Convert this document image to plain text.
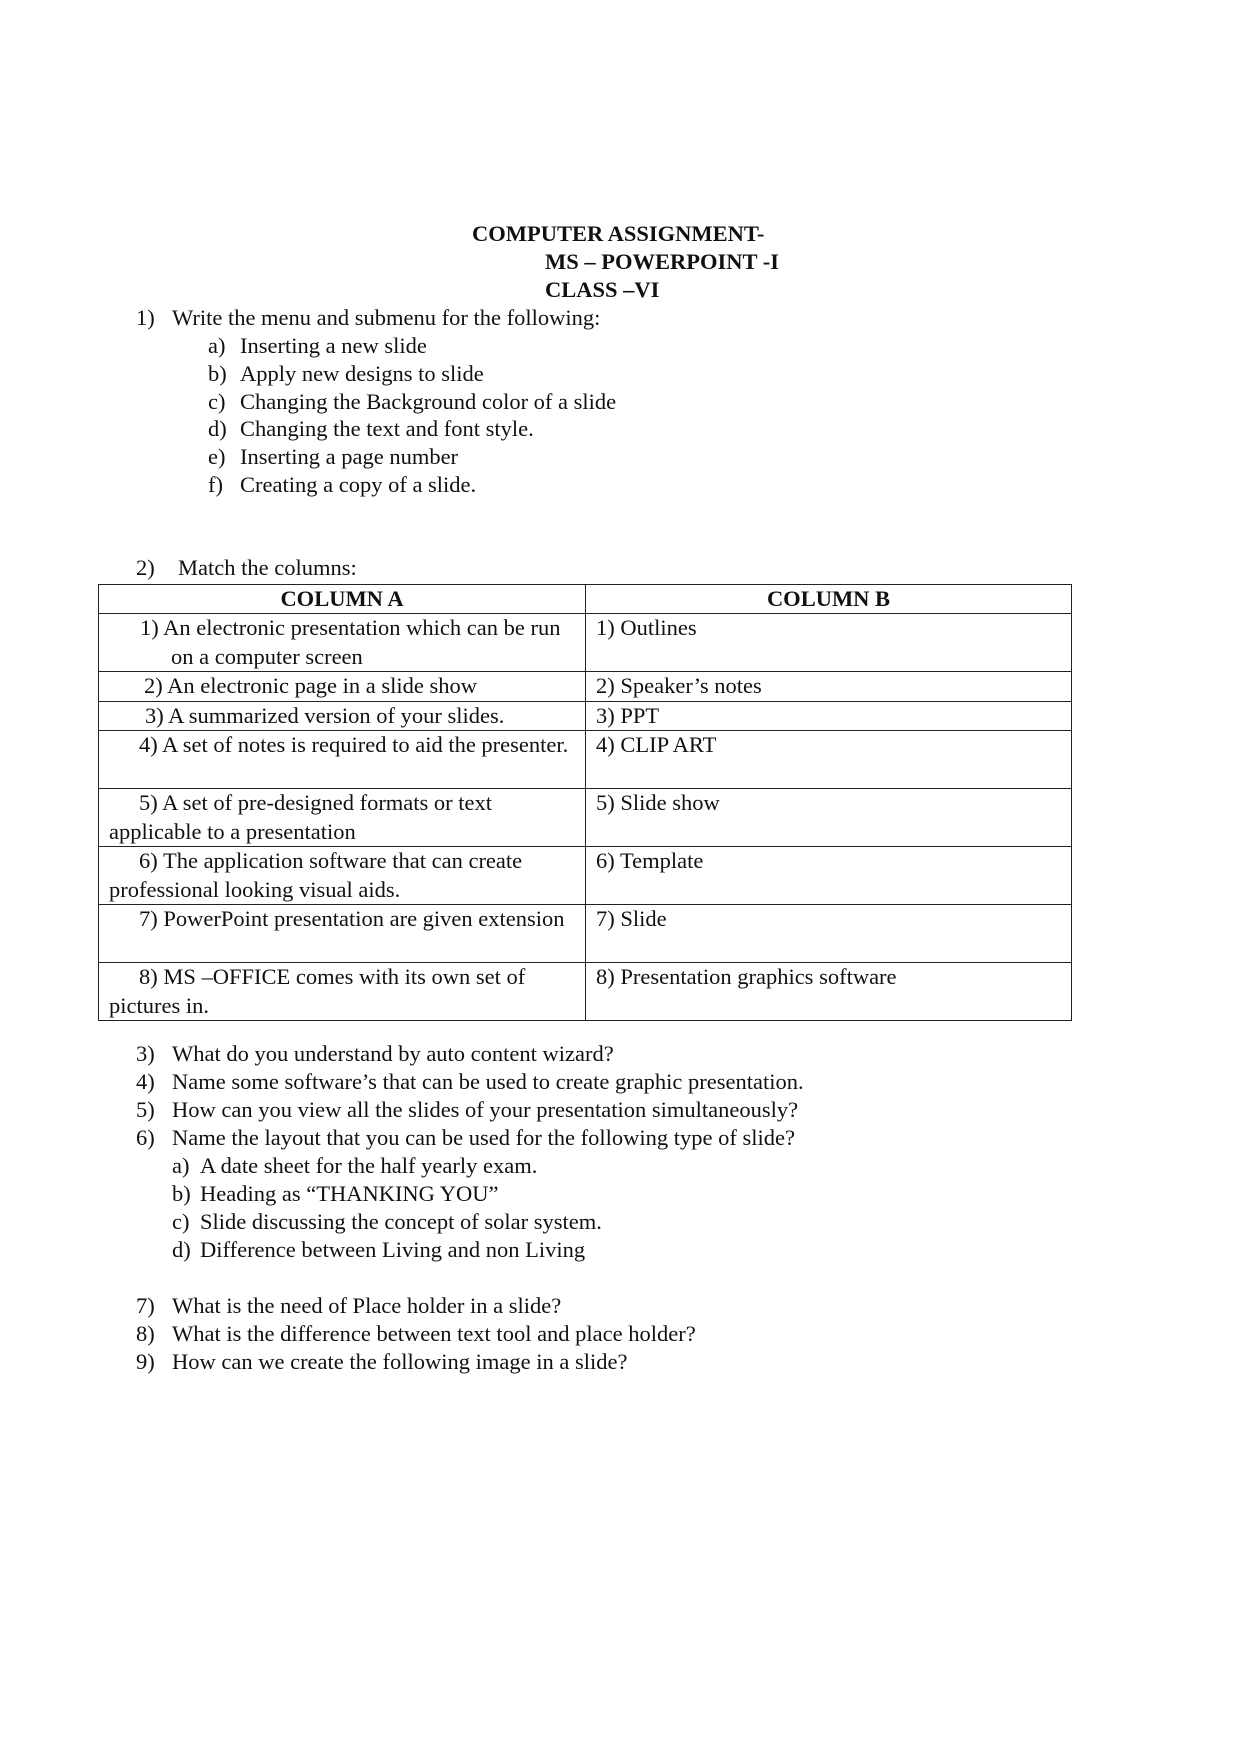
COMPUTER ASSIGNMENT-
MS – POWERPOINT -I
CLASS –VI
1) Write the menu and submenu for the following:
a) Inserting a new slide
b) Apply new designs to slide
c) Changing the Background color of a slide
d) Changing the text and font style.
e) Inserting a page number
f) Creating a copy of a slide.
2) Match the columns:
COLUMN A	COLUMN B
1) An electronic presentation which can be run on a computer screen	1) Outlines
2) An electronic page in a slide show	2) Speaker’s notes
3) A summarized version of your slides.	3) PPT
4) A set of notes is required to aid the presenter.	4) CLIP ART
5) A set of pre-designed formats or text applicable to a presentation	5) Slide show
6) The application software that can create professional looking visual aids.	6) Template
7) PowerPoint presentation are given extension	7) Slide
8) MS –OFFICE comes with its own set of pictures in.	8) Presentation graphics software
3) What do you understand by auto content wizard?
4) Name some software’s that can be used to create graphic presentation.
5) How can you view all the slides of your presentation simultaneously?
6) Name the layout that you can be used for the following type of slide?
a) A date sheet for the half yearly exam.
b) Heading as “THANKING YOU”
c) Slide discussing the concept of solar system.
d) Difference between Living and non Living
7) What is the need of Place holder in a slide?
8) What is the difference between text tool and place holder?
9) How can we create the following image in a slide?
